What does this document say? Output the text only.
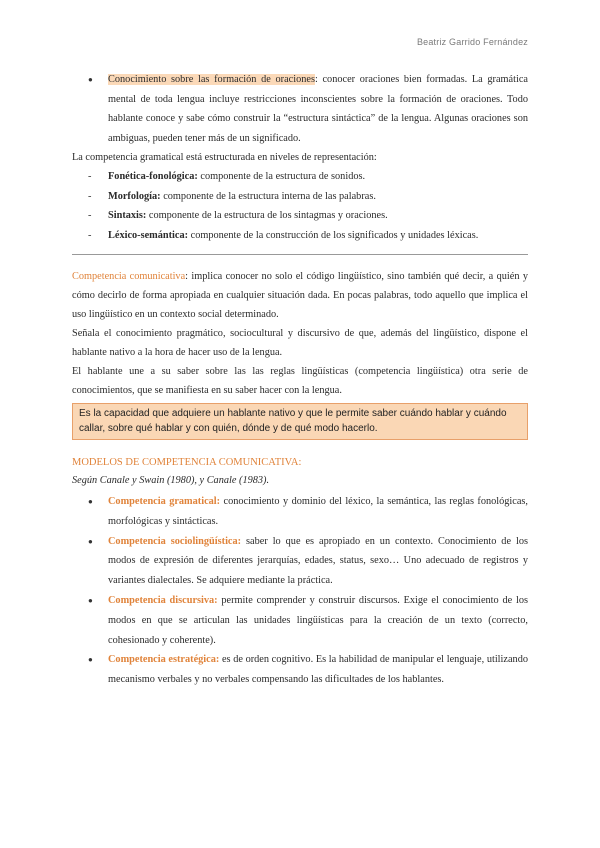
Beatriz Garrido Fernández
● Conocimiento sobre las formación de oraciones: conocer oraciones bien formadas. La gramática mental de toda lengua incluye restricciones inconscientes sobre la formación de oraciones. Todo hablante conoce y sabe cómo construir la “estructura sintáctica” de la lengua. Algunas oraciones son ambiguas, pueden tener más de un significado.

La competencia gramatical está estructurada en niveles de representación:

- Fonética-fonológica: componente de la estructura de sonidos.
- Morfología: componente de la estructura interna de las palabras.
- Sintaxis: componente de la estructura de los sintagmas y oraciones.
- Léxico-semántica: componente de la construcción de los significados y unidades léxicas.

Competencia comunicativa: implica conocer no solo el código lingüístico, sino también qué decir, a quién y cómo decirlo de forma apropiada en cualquier situación dada. En pocas palabras, todo aquello que implica el uso lingüístico en un contexto social determinado.

Señala el conocimiento pragmático, sociocultural y discursivo de que, además del lingüístico, dispone el hablante nativo a la hora de hacer uso de la lengua.

El hablante une a su saber sobre las las reglas lingüísticas (competencia lingüística) otra serie de conocimientos, que se manifiesta en su saber hacer con la lengua.

Es la capacidad que adquiere un hablante nativo y que le permite saber cuándo hablar y cuándo callar, sobre qué hablar y con quién, dónde y de qué modo hacerlo.

MODELOS DE COMPETENCIA COMUNICATIVA:

Según Canale y Swain (1980), y Canale (1983).

● Competencia gramatical: conocimiento y dominio del léxico, la semántica, las reglas fonológicas, morfológicas y sintácticas.
● Competencia sociolingüística: saber lo que es apropiado en un contexto. Conocimiento de los modos de expresión de diferentes jerarquías, edades, status, sexo… Uno adecuado de registros y variantes dialectales. Se adquiere mediante la práctica.
● Competencia discursiva: permite comprender y construir discursos. Exige el conocimiento de los modos en que se articulan las unidades lingüísticas para la creación de un texto (correcto, cohesionado y coherente).
● Competencia estratégica: es de orden cognitivo. Es la habilidad de manipular el lenguaje, utilizando mecanismo verbales y no verbales compensando las dificultades de los hablantes.
